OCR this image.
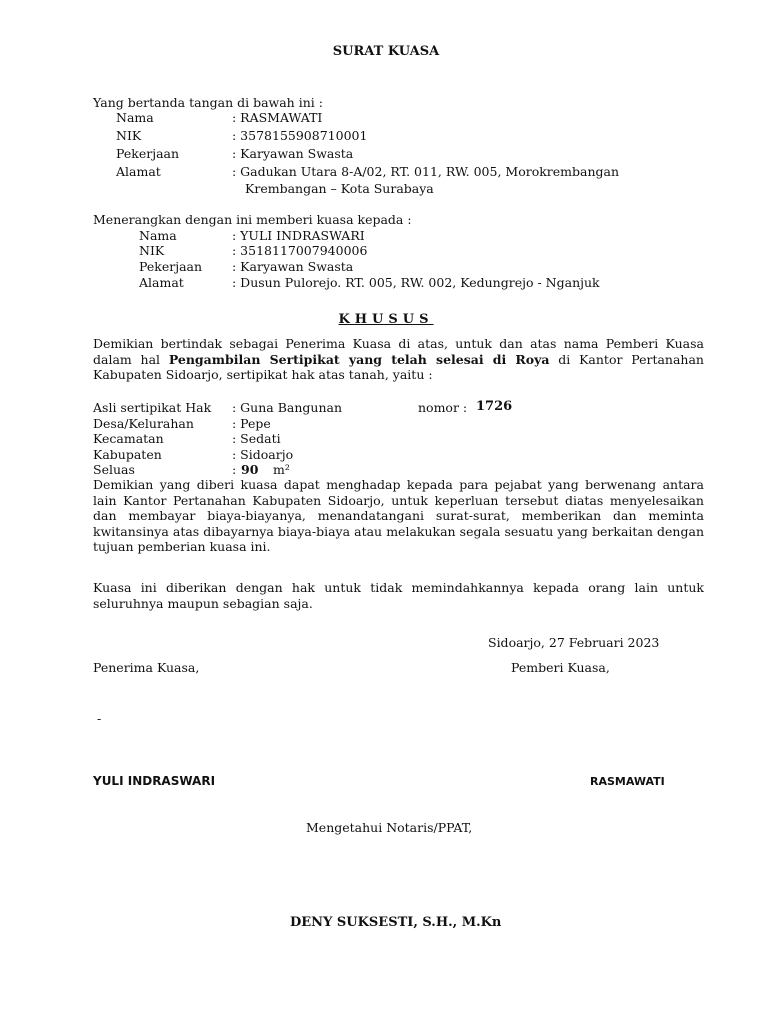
SURAT KUASA
Yang bertanda tangan di bawah ini :
Nama	: RASMAWATI
NIK	: 3578155908710001
Pekerjaan	: Karyawan Swasta
Alamat	: Gadukan Utara 8-A/02, RT. 011, RW. 005, Morokrembangan
Krembangan – Kota Surabaya
Menerangkan dengan ini memberi kuasa kepada :
Nama	: YULI INDRASWARI
NIK	: 3518117007940006
Pekerjaan : Karyawan Swasta
Alamat	: Dusun Pulorejo. RT. 005, RW. 002, Kedungrejo - Nganjuk
KHUSUS
Demikian bertindak sebagai Penerima Kuasa di atas, untuk dan atas nama Pemberi Kuasa dalam hal Pengambilan Sertipikat yang telah selesai di Roya di Kantor Pertanahan Kabupaten Sidoarjo, sertipikat hak atas tanah, yaitu :
Asli sertipikat Hak : Guna Bangunan	nomor : 1726
Desa/Kelurahan	: Pepe
Kecamatan	: Sedati
Kabupaten	: Sidoarjo
Seluas	: 90 m²
Demikian yang diberi kuasa dapat menghadap kepada para pejabat yang berwenang antara lain Kantor Pertanahan Kabupaten Sidoarjo, untuk keperluan tersebut diatas menyelesaikan dan membayar biaya-biayanya, menandatangani surat-surat, memberikan dan meminta kwitansinya atas dibayarnya biaya-biaya atau melakukan segala sesuatu yang berkaitan dengan tujuan pemberian kuasa ini.
Kuasa ini diberikan dengan hak untuk tidak memindahkannya kepada orang lain untuk seluruhnya maupun sebagian saja.
Sidoarjo, 27 Februari 2023
Penerima Kuasa,	Pemberi Kuasa,
-
YULI INDRASWARI	RASMAWATI
Mengetahui Notaris/PPAT,
DENY SUKSESTI, S.H., M.Kn
